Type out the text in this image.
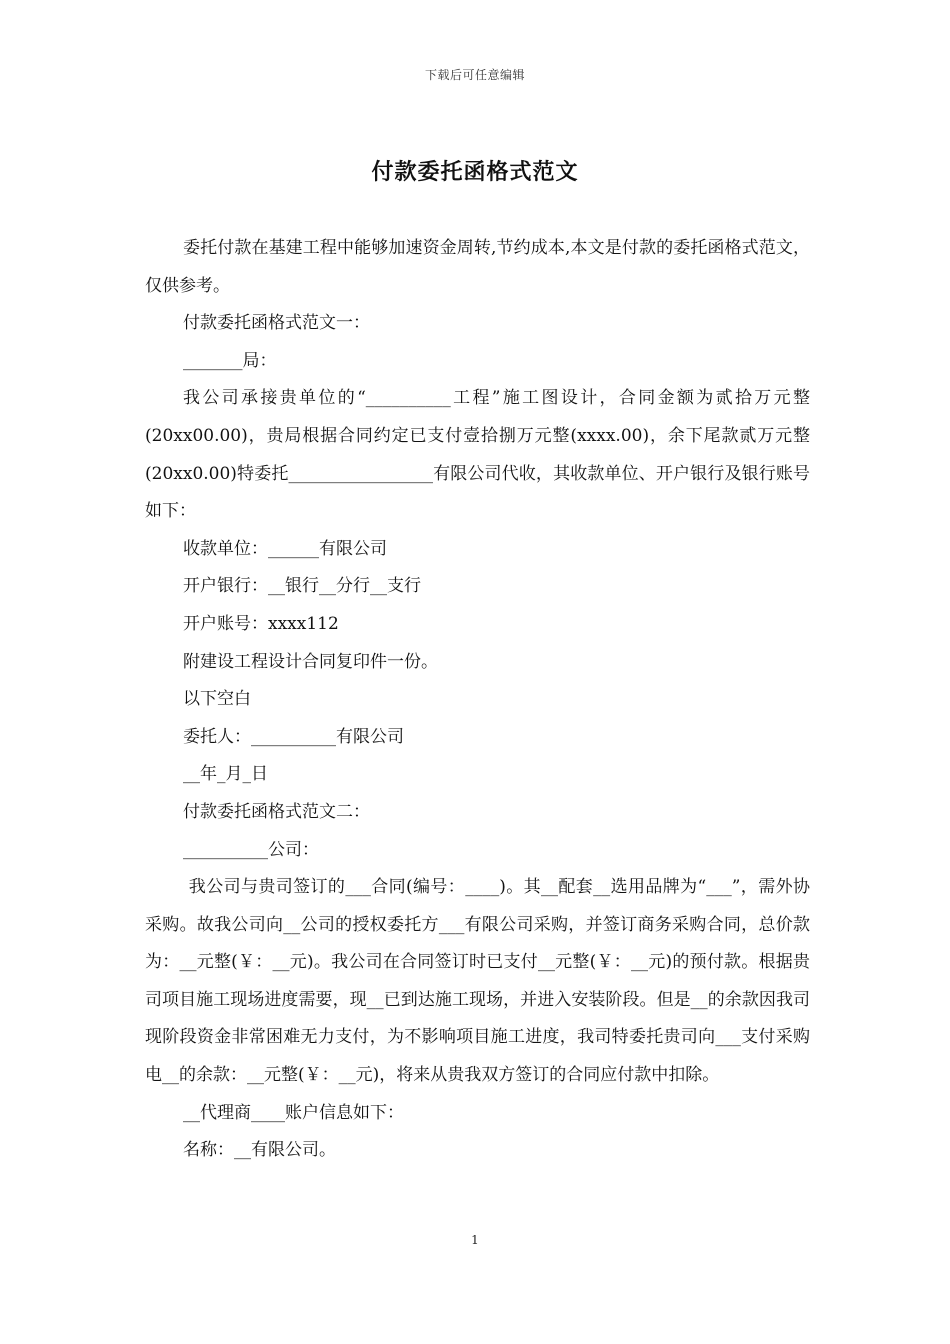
下载后可任意编辑
付款委托函格式范文

委托付款在基建工程中能够加速资金周转,节约成本,本文是付款的委托函格式范文，仅供参考。

付款委托函格式范文一：

_______局：

我公司承接贵单位的“__________工程”施工图设计，合同金额为贰拾万元整(20xx00.00)，贵局根据合同约定已支付壹拾捌万元整(xxxx.00)，余下尾款贰万元整(20xx0.00)特委托_________________有限公司代收，其收款单位、开户银行及银行账号如下：

收款单位：______有限公司

开户银行：__银行__分行__支行

开户账号：xxxx112

附建设工程设计合同复印件一份。

以下空白

委托人：__________有限公司

__年_月_日

付款委托函格式范文二：

__________公司：

我公司与贵司签订的___合同(编号：____)。其__配套__选用品牌为“___”，需外协采购。故我公司向__公司的授权委托方___有限公司采购，并签订商务采购合同，总价款为：__元整(￥：__元)。我公司在合同签订时已支付__元整(￥：__元)的预付款。根据贵司项目施工现场进度需要，现__已到达施工现场，并进入安装阶段。但是__的余款因我司现阶段资金非常困难无力支付，为不影响项目施工进度，我司特委托贵司向___支付采购电__的余款：__元整(￥：__元)，将来从贵我双方签订的合同应付款中扣除。

__代理商____账户信息如下：

名称：__有限公司。

1
